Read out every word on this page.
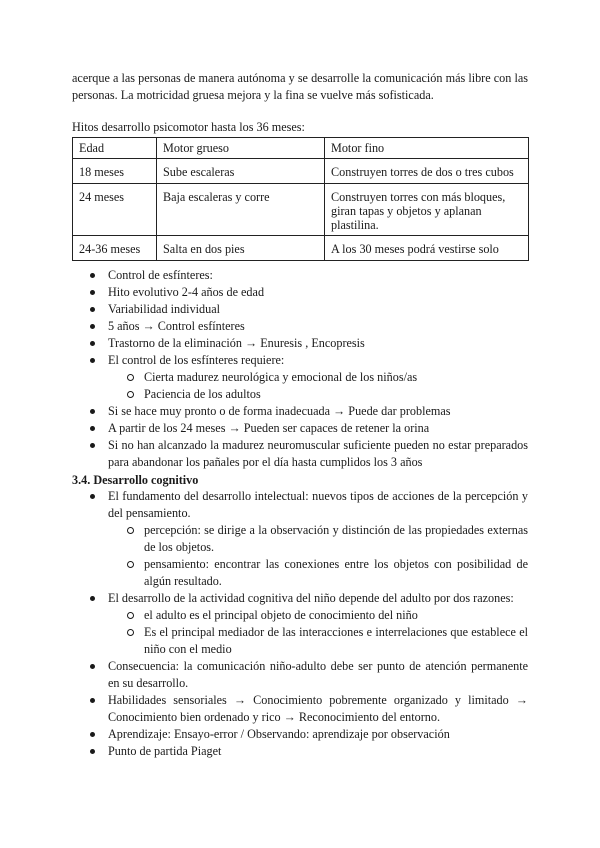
acerque a las personas de manera autónoma y se desarrolle la comunicación más libre con las personas. La motricidad gruesa mejora y la fina se vuelve más sofisticada.

Hitos desarrollo psicomotor hasta los 36 meses:
Edad	Motor grueso	Motor fino
18 meses	Sube escaleras	Construyen torres de dos o tres cubos
24 meses	Baja escaleras y corre	Construyen torres con más bloques, giran tapas y objetos y aplanan plastilina.
24-36 meses	Salta en dos pies	A los 30 meses podrá vestirse solo
Control de esfínteres:
Hito evolutivo 2-4 años de edad
Variabilidad individual
5 años → Control esfínteres
Trastorno de la eliminación → Enuresis , Encopresis
El control de los esfínteres requiere:
Cierta madurez neurológica y emocional de los niños/as
Paciencia de los adultos
Si se hace muy pronto o de forma inadecuada → Puede dar problemas
A partir de los 24 meses → Pueden ser capaces de retener la orina
Si no han alcanzado la madurez neuromuscular suficiente pueden no estar preparados para abandonar los pañales por el día hasta cumplidos los 3 años
3.4. Desarrollo cognitivo
El fundamento del desarrollo intelectual: nuevos tipos de acciones de la percepción y del pensamiento.
percepción: se dirige a la observación y distinción de las propiedades externas de los objetos.
pensamiento: encontrar las conexiones entre los objetos con posibilidad de algún resultado.
El desarrollo de la actividad cognitiva del niño depende del adulto por dos razones:
el adulto es el principal objeto de conocimiento del niño
Es el principal mediador de las interacciones e interrelaciones que establece el niño con el medio
Consecuencia: la comunicación niño-adulto debe ser punto de atención permanente en su desarrollo.
Habilidades sensoriales → Conocimiento pobremente organizado y limitado → Conocimiento bien ordenado y rico → Reconocimiento del entorno.
Aprendizaje: Ensayo-error / Observando: aprendizaje por observación
Punto de partida Piaget
